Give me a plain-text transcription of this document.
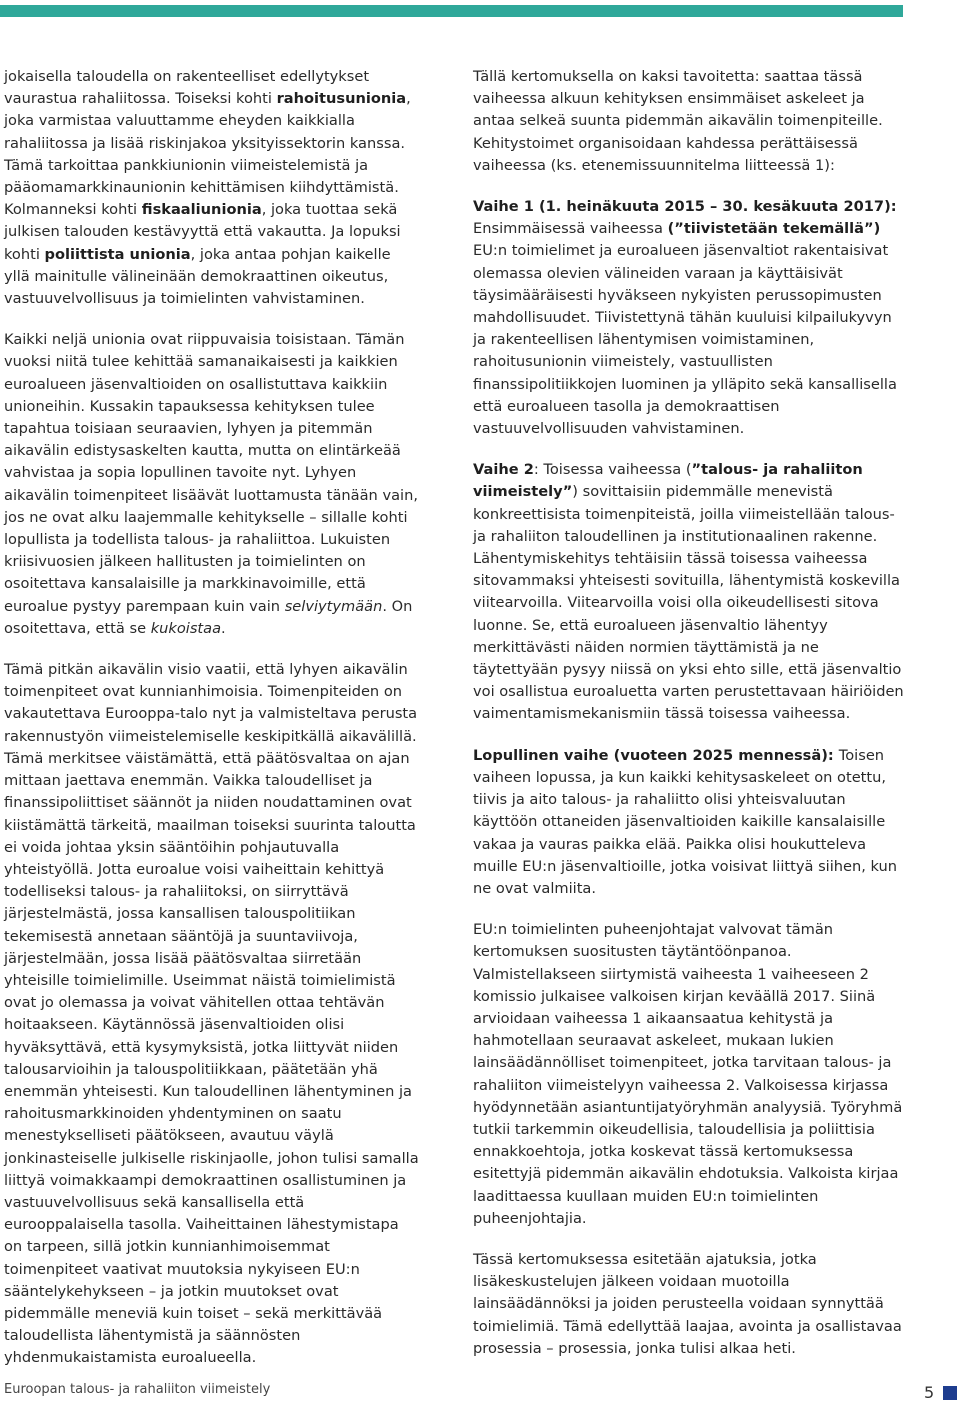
jokaisella taloudella on rakenteelliset edellytykset vaurastua rahaliitossa. Toiseksi kohti rahoitusunionia, joka varmistaa valuuttamme eheyden kaikkialla rahaliitossa ja lisää riskinjakoa yksityissektorin kanssa. Tämä tarkoittaa pankkiunionin viimeistelemistä ja pääomamarkkinaunionin kehittämisen kiihdyttämistä. Kolmanneksi kohti fiskaaliunionia, joka tuottaa sekä julkisen talouden kestävyyttä että vakautta. Ja lopuksi kohti poliittista unionia, joka antaa pohjan kaikelle yllä mainitulle välineinään demokraattinen oikeutus, vastuuvelvollisuus ja toimielinten vahvistaminen.

Kaikki neljä unionia ovat riippuvaisia toisistaan. Tämän vuoksi niitä tulee kehittää samanaikaisesti ja kaikkien euroalueen jäsenvaltioiden on osallistuttava kaikkiin unioneihin. Kussakin tapauksessa kehityksen tulee tapahtua toisiaan seuraavien, lyhyen ja pitemmän aikavälin edistysaskelten kautta, mutta on elintärkeää vahvistaa ja sopia lopullinen tavoite nyt. Lyhyen aikavälin toimenpiteet lisäävät luottamusta tänään vain, jos ne ovat alku laajemmalle kehitykselle – sillalle kohti lopullista ja todellista talous- ja rahaliittoa. Lukuisten kriisivuosien jälkeen hallitusten ja toimielinten on osoitettava kansalaisille ja markkinavoimille, että euroalue pystyy parempaan kuin vain selviytymään. On osoitettava, että se kukoistaa.

Tämä pitkän aikavälin visio vaatii, että lyhyen aikavälin toimenpiteet ovat kunnianhimoisia. Toimenpiteiden on vakautettava Eurooppa-talo nyt ja valmisteltava perusta rakennustyön viimeistelemiselle keskipitkällä aikavälillä. Tämä merkitsee väistämättä, että päätösvaltaa on ajan mittaan jaettava enemmän. Vaikka taloudelliset ja finanssipoliittiset säännöt ja niiden noudattaminen ovat kiistämättä tärkeitä, maailman toiseksi suurinta taloutta ei voida johtaa yksin sääntöihin pohjautuvalla yhteistyöllä. Jotta euroalue voisi vaiheittain kehittyä todelliseksi talous- ja rahaliitoksi, on siirryttävä järjestelmästä, jossa kansallisen talouspolitiikan tekemisestä annetaan sääntöjä ja suuntaviivoja, järjestelmään, jossa lisää päätösvaltaa siirretään yhteisille toimielimille. Useimmat näistä toimielimistä ovat jo olemassa ja voivat vähitellen ottaa tehtävän hoitaakseen. Käytännössä jäsenvaltioiden olisi hyväksyttävä, että kysymyksistä, jotka liittyvät niiden talousarvioihin ja talouspolitiikkaan, päätetään yhä enemmän yhteisesti. Kun taloudellinen lähentyminen ja rahoitusmarkkinoiden yhdentyminen on saatu menestykselliseti päätökseen, avautuu väylä jonkinasteiselle julkiselle riskinjaolle, johon tulisi samalla liittyä voimakkaampi demokraattinen osallistuminen ja vastuuvelvollisuus sekä kansallisella että eurooppalaisella tasolla. Vaiheittainen lähestymistapa on tarpeen, sillä jotkin kunnianhimoisemmat toimenpiteet vaativat muutoksia nykyiseen EU:n sääntelykehykseen – ja jotkin muutokset ovat pidemmälle meneviä kuin toiset – sekä merkittävää taloudellista lähentymistä ja säännösten yhdenmukaistamista euroalueella.

Tällä kertomuksella on kaksi tavoitetta: saattaa tässä vaiheessa alkuun kehityksen ensimmäiset askeleet ja antaa selkeä suunta pidemmän aikavälin toimenpiteille. Kehitystoimet organisoidaan kahdessa perättäisessä vaiheessa (ks. etenemissuunnitelma liitteessä 1):

Vaihe 1 (1. heinäkuuta 2015 – 30. kesäkuuta 2017): Ensimmäisessä vaiheessa (”tiivistetään tekemällä”) EU:n toimielimet ja euroalueen jäsenvaltiot rakentaisivat olemassa olevien välineiden varaan ja käyttäisivät täysimääräisesti hyväkseen nykyisten perussopimusten mahdollisuudet. Tiivistettynä tähän kuuluisi kilpailukyvyn ja rakenteellisen lähentymisen voimistaminen, rahoitusunionin viimeistely, vastuullisten finanssipolitiikkojen luominen ja ylläpito sekä kansallisella että euroalueen tasolla ja demokraattisen vastuuvelvollisuuden vahvistaminen.

Vaihe 2: Toisessa vaiheessa (”talous- ja rahaliiton viimeistely”) sovittaisiin pidemmälle menevistä konkreettisista toimenpiteistä, joilla viimeistellään talous- ja rahaliiton taloudellinen ja institutionaalinen rakenne. Lähentymiskehitys tehtäisiin tässä toisessa vaiheessa sitovammaksi yhteisesti sovituilla, lähentymistä koskevilla viitearvoilla. Viitearvoilla voisi olla oikeudellisesti sitova luonne. Se, että euroalueen jäsenvaltio lähentyy merkittävästi näiden normien täyttämistä ja ne täytettyään pysyy niissä on yksi ehto sille, että jäsenvaltio voi osallistua euroaluetta varten perustettavaan häiriöiden vaimentamismekanismiin tässä toisessa vaiheessa.

Lopullinen vaihe (vuoteen 2025 mennessä): Toisen vaiheen lopussa, ja kun kaikki kehitysaskeleet on otettu, tiivis ja aito talous- ja rahaliitto olisi yhteisvaluutan käyttöön ottaneiden jäsenvaltioiden kaikille kansalaisille vakaa ja vauras paikka elää. Paikka olisi houkutteleva muille EU:n jäsenvaltioille, jotka voisivat liittyä siihen, kun ne ovat valmiita.

EU:n toimielinten puheenjohtajat valvovat tämän kertomuksen suositusten täytäntöönpanoa. Valmistellakseen siirtymistä vaiheesta 1 vaiheeseen 2 komissio julkaisee valkoisen kirjan keväällä 2017. Siinä arvioidaan vaiheessa 1 aikaansaatua kehitystä ja hahmotellaan seuraavat askeleet, mukaan lukien lainsäädännölliset toimenpiteet, jotka tarvitaan talous- ja rahaliiton viimeistelyyn vaiheessa 2. Valkoisessa kirjassa hyödynnetään asiantuntijatyöryhmän analyysiä. Työryhmä tutkii tarkemmin oikeudellisia, taloudellisia ja poliittisia ennakkoehtoja, jotka koskevat tässä kertomuksessa esitettyjä pidemmän aikavälin ehdotuksia. Valkoista kirjaa laadittaessa kuullaan muiden EU:n toimielinten puheenjohtajia.

Tässä kertomuksessa esitetään ajatuksia, jotka lisäkeskustelujen jälkeen voidaan muotoilla lainsäädännöksi ja joiden perusteella voidaan synnyttää toimielimiä. Tämä edellyttää laajaa, avointa ja osallistavaa prosessia – prosessia, jonka tulisi alkaa heti.

Euroopan talous- ja rahaliiton viimeistely	5
